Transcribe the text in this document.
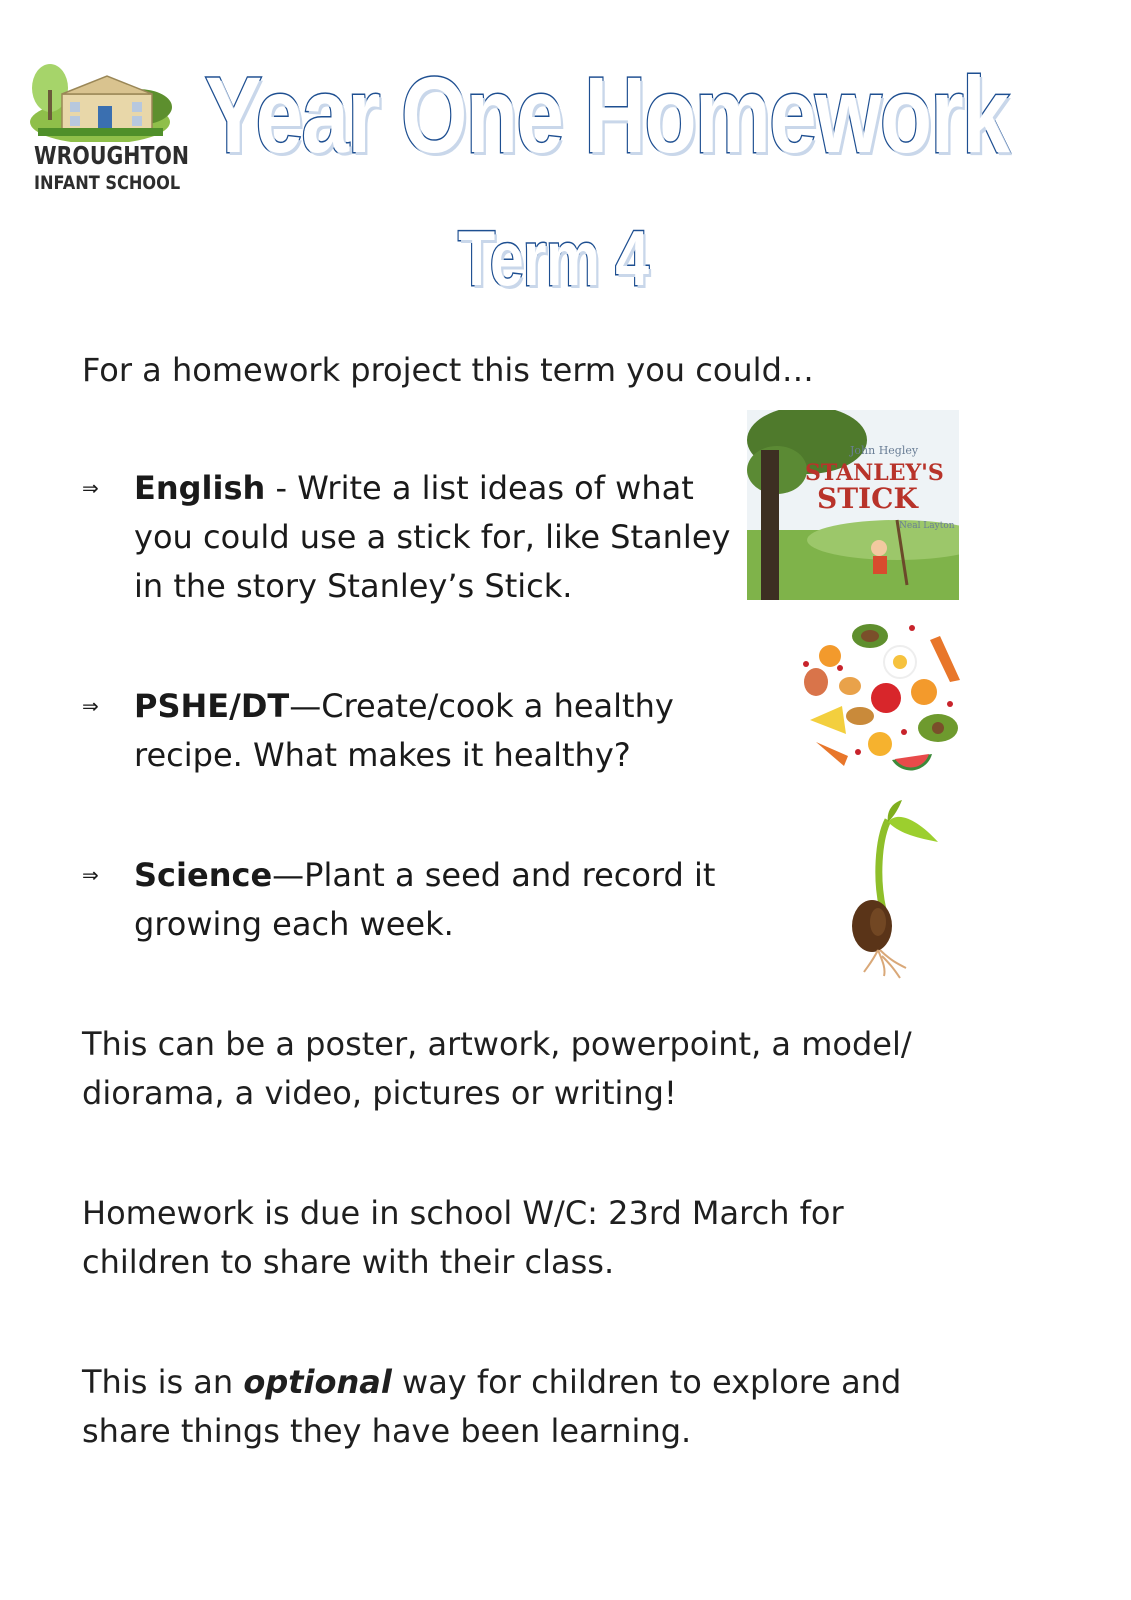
WROUGHTON
INFANT SCHOOL
Year One Homework
Term 4
For a homework project this term you could…
⇒ English - Write a list ideas of what you could use a stick for, like Stanley in the story Stanley’s Stick.
⇒ PSHE/DT—Create/cook a healthy recipe. What makes it healthy?
⇒ Science—Plant a seed and record it growing each week.
John Hegley
STANLEY'S
STICK
Neal Layton
This can be a poster, artwork, powerpoint, a model/ diorama, a video, pictures or writing!
Homework is due in school W/C: 23rd March for children to share with their class.
This is an optional way for children to explore and share things they have been learning.
